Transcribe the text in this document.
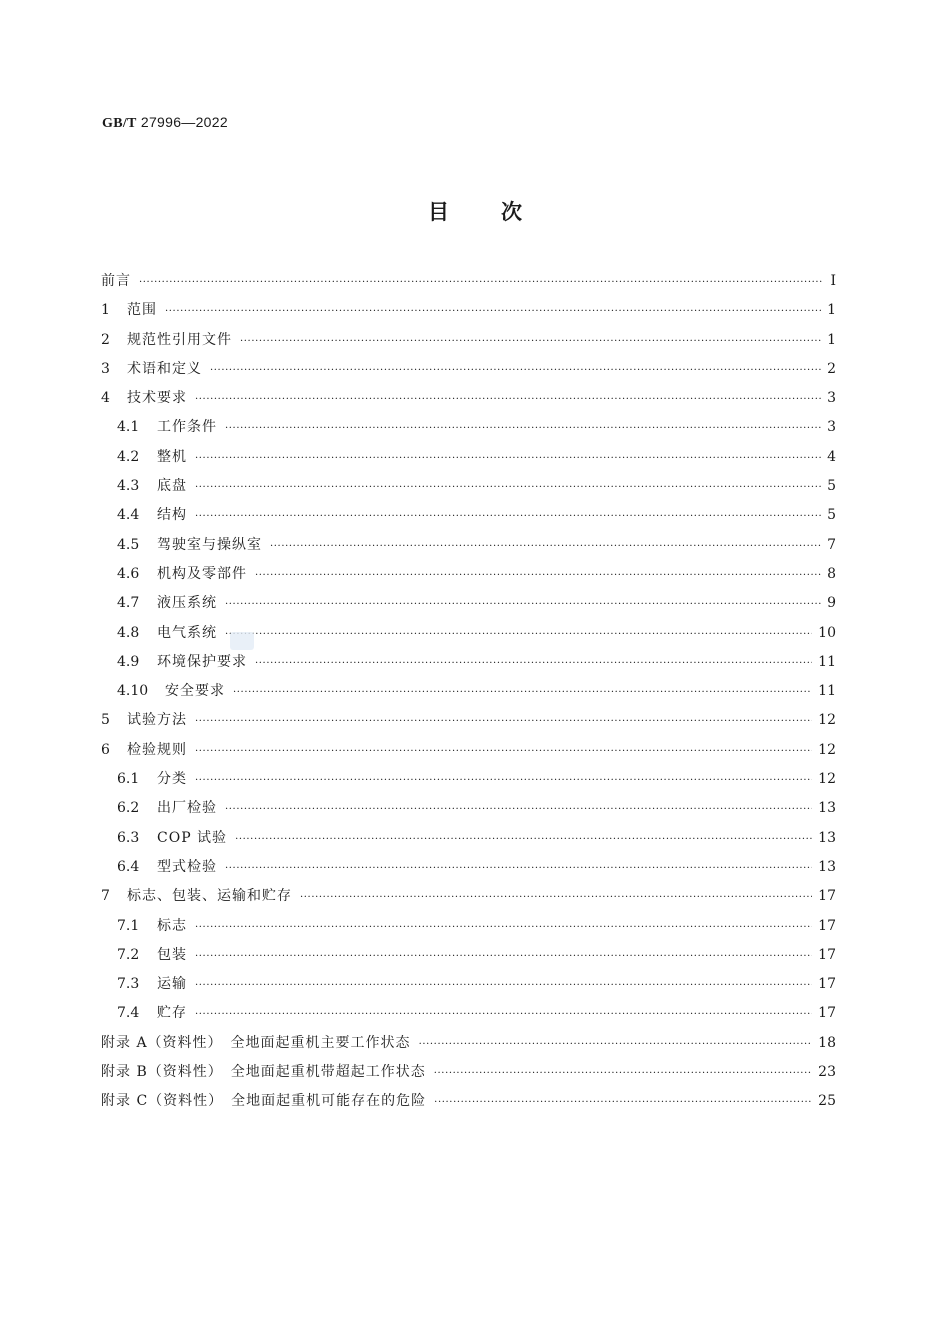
GB/T 27996—2022
目 次
前言 ·····	Ⅰ
1	范围 ·····	1
2	规范性引用文件 ·····	1
3	术语和定义 ·····	2
4	技术要求 ·····	3
4.1	工作条件 ·····	3
4.2	整机 ·····	4
4.3	底盘 ·····	5
4.4	结构 ·····	5
4.5	驾驶室与操纵室 ·····	7
4.6	机构及零部件 ·····	8
4.7	液压系统 ·····	9
4.8	电气系统 ·····	10
4.9	环境保护要求 ·····	11
4.10	安全要求 ·····	11
5	试验方法 ·····	12
6	检验规则 ·····	12
6.1	分类 ·····	12
6.2	出厂检验 ·····	13
6.3	COP 试验 ·····	13
6.4	型式检验 ·····	13
7	标志、包装、运输和贮存 ·····	17
7.1	标志 ·····	17
7.2	包装 ·····	17
7.3	运输 ·····	17
7.4	贮存 ·····	17
附录 A（资料性）　全地面起重机主要工作状态 ·····	18
附录 B（资料性）　全地面起重机带超起工作状态 ·····	23
附录 C（资料性）　全地面起重机可能存在的危险 ·····	25
